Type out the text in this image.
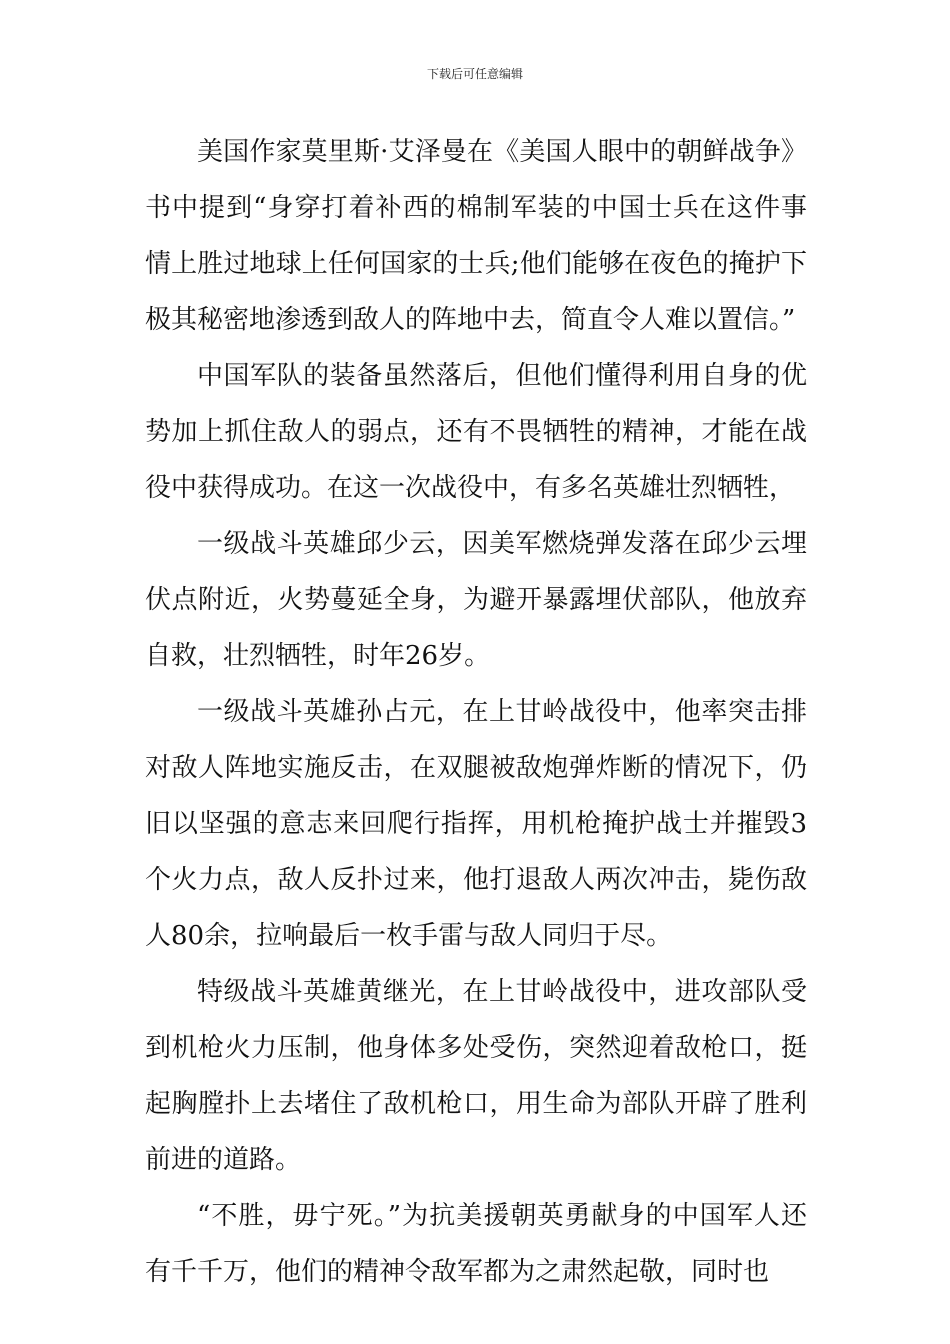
下载后可任意编辑

美国作家莫里斯·艾泽曼在《美国人眼中的朝鲜战争》书中提到“身穿打着补西的棉制军装的中国士兵在这件事情上胜过地球上任何国家的士兵;他们能够在夜色的掩护下极其秘密地渗透到敌人的阵地中去，简直令人难以置信。”

中国军队的装备虽然落后，但他们懂得利用自身的优势加上抓住敌人的弱点，还有不畏牺牲的精神，才能在战役中获得成功。在这一次战役中，有多名英雄壮烈牺牲，

一级战斗英雄邱少云，因美军燃烧弹发落在邱少云埋伏点附近，火势蔓延全身，为避开暴露埋伏部队，他放弃自救，壮烈牺牲，时年26岁。

一级战斗英雄孙占元，在上甘岭战役中，他率突击排对敌人阵地实施反击，在双腿被敌炮弹炸断的情况下，仍旧以坚强的意志来回爬行指挥，用机枪掩护战士并摧毁3个火力点，敌人反扑过来，他打退敌人两次冲击，毙伤敌人80余，拉响最后一枚手雷与敌人同归于尽。

特级战斗英雄黄继光，在上甘岭战役中，进攻部队受到机枪火力压制，他身体多处受伤，突然迎着敌枪口，挺起胸膛扑上去堵住了敌机枪口，用生命为部队开辟了胜利前进的道路。

“不胜，毋宁死。”为抗美援朝英勇献身的中国军人还有千千万，他们的精神令敌军都为之肃然起敬，同时也
